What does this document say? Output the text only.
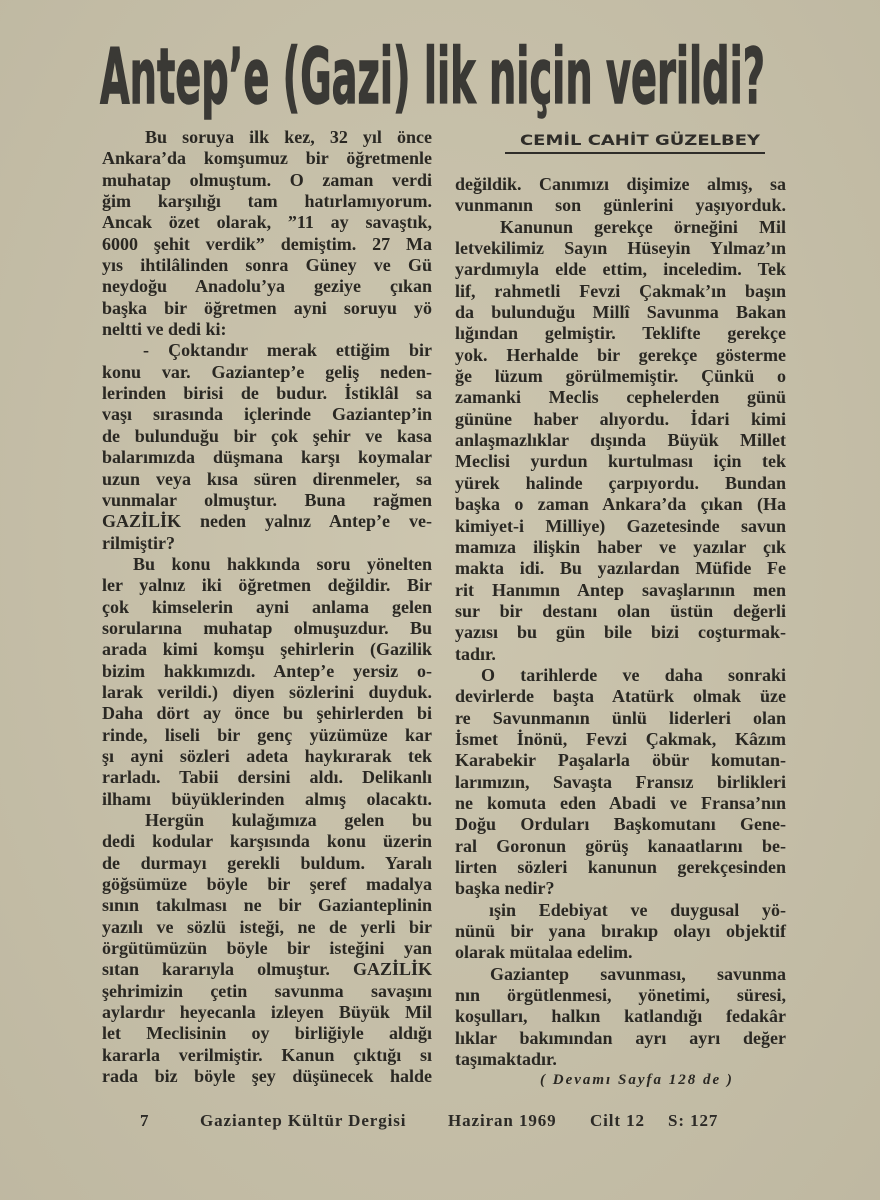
Antep’e (Gazi) lik niçin verildi?
CEMİL CAHİT GÜZELBEY
Bu soruya ilk kez, 32 yıl önce
Ankara’da komşumuz bir öğretmenle
muhatap olmuştum. O zaman verdi
ğim karşılığı tam hatırlamıyorum.
Ancak özet olarak, ”11 ay savaştık,
6000 şehit verdik” demiştim. 27 Ma
yıs ihtilâlinden sonra Güney ve Gü
neydoğu Anadolu’ya geziye çıkan
başka bir öğretmen ayni soruyu yö
neltti ve dedi ki:
- Çoktandır merak ettiğim bir
konu var. Gaziantep’e geliş neden-
lerinden birisi de budur. İstiklâl sa
vaşı sırasında içlerinde Gaziantep’in
de bulunduğu bir çok şehir ve kasa
balarımızda düşmana karşı koymalar
uzun veya kısa süren direnmeler, sa
vunmalar olmuştur. Buna rağmen
GAZİLİK neden yalnız Antep’e ve-
rilmiştir?
Bu konu hakkında soru yönelten
ler yalnız iki öğretmen değildir. Bir
çok kimselerin ayni anlama gelen
sorularına muhatap olmuşuzdur. Bu
arada kimi komşu şehirlerin (Gazilik
bizim hakkımızdı. Antep’e yersiz o-
larak verildi.) diyen sözlerini duyduk.
Daha dört ay önce bu şehirlerden bi
rinde, liseli bir genç yüzümüze kar
şı ayni sözleri adeta haykırarak tek
rarladı. Tabii dersini aldı. Delikanlı
ilhamı büyüklerinden almış olacaktı.
Hergün kulağımıza gelen bu
dedi kodular karşısında konu üzerin
de durmayı gerekli buldum. Yaralı
göğsümüze böyle bir şeref madalya
sının takılması ne bir Gazianteplinin
yazılı ve sözlü isteği, ne de yerli bir
örgütümüzün böyle bir isteğini yan
sıtan kararıyla olmuştur. GAZİLİK
şehrimizin çetin savunma savaşını
aylardır heyecanla izleyen Büyük Mil
let Meclisinin oy birliğiyle aldığı
kararla verilmiştir. Kanun çıktığı sı
rada biz böyle şey düşünecek halde
değildik. Canımızı dişimize almış, sa
vunmanın son günlerini yaşıyorduk.
Kanunun gerekçe örneğini Mil
letvekilimiz Sayın Hüseyin Yılmaz’ın
yardımıyla elde ettim, inceledim. Tek
lif, rahmetli Fevzi Çakmak’ın başın
da bulunduğu Millî Savunma Bakan
lığından gelmiştir. Teklifte gerekçe
yok. Herhalde bir gerekçe gösterme
ğe lüzum görülmemiştir. Çünkü o
zamanki Meclis cephelerden günü
gününe haber alıyordu. İdari kimi
anlaşmazlıklar dışında Büyük Millet
Meclisi yurdun kurtulması için tek
yürek halinde çarpıyordu. Bundan
başka o zaman Ankara’da çıkan (Ha
kimiyet-i Milliye) Gazetesinde savun
mamıza ilişkin haber ve yazılar çık
makta idi. Bu yazılardan Müfide Fe
rit Hanımın Antep savaşlarının men
sur bir destanı olan üstün değerli
yazısı bu gün bile bizi coşturmak-
tadır.
O tarihlerde ve daha sonraki
devirlerde başta Atatürk olmak üze
re Savunmanın ünlü liderleri olan
İsmet İnönü, Fevzi Çakmak, Kâzım
Karabekir Paşalarla öbür komutan-
larımızın, Savaşta Fransız birlikleri
ne komuta eden Abadi ve Fransa’nın
Doğu Orduları Başkomutanı Gene-
ral Goronun görüş kanaatlarını be-
lirten sözleri kanunun gerekçesinden
başka nedir?
ışin Edebiyat ve duygusal yö-
nünü bir yana bırakıp olayı objektif
olarak mütalaa edelim.
Gaziantep savunması, savunma
nın örgütlenmesi, yönetimi, süresi,
koşulları, halkın katlandığı fedakâr
lıklar bakımından ayrı ayrı değer
taşımaktadır.
( Devamı Sayfa 128 de )
7	Gaziantep Kültür Dergisi Haziran 1969 Cilt 12 S: 127
